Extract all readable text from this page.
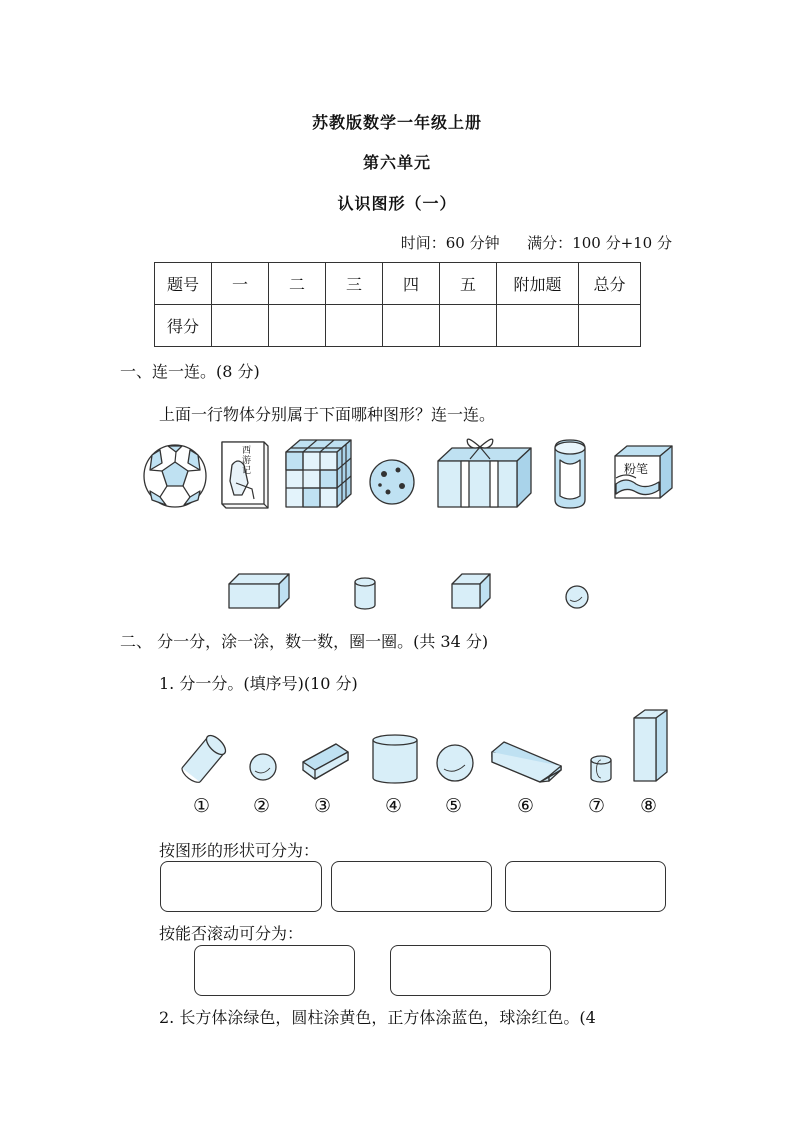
苏教版数学一年级上册
第六单元
认识图形（一）
时间：60 分钟 满分：100 分+10 分
题号	一	二	三	四	五	附加题	总分
得分							
一、连一连。(8 分)
上面一行物体分别属于下面哪种图形？连一连。
西游记	粉笔
二、 分一分，涂一涂，数一数，圈一圈。(共 34 分)
1. 分一分。(填序号)(10 分)
① ② ③	④ ⑤	⑥	⑦ ⑧
按图形的形状可分为：
按能否滚动可分为：
2. 长方体涂绿色，圆柱涂黄色，正方体涂蓝色，球涂红色。(4
